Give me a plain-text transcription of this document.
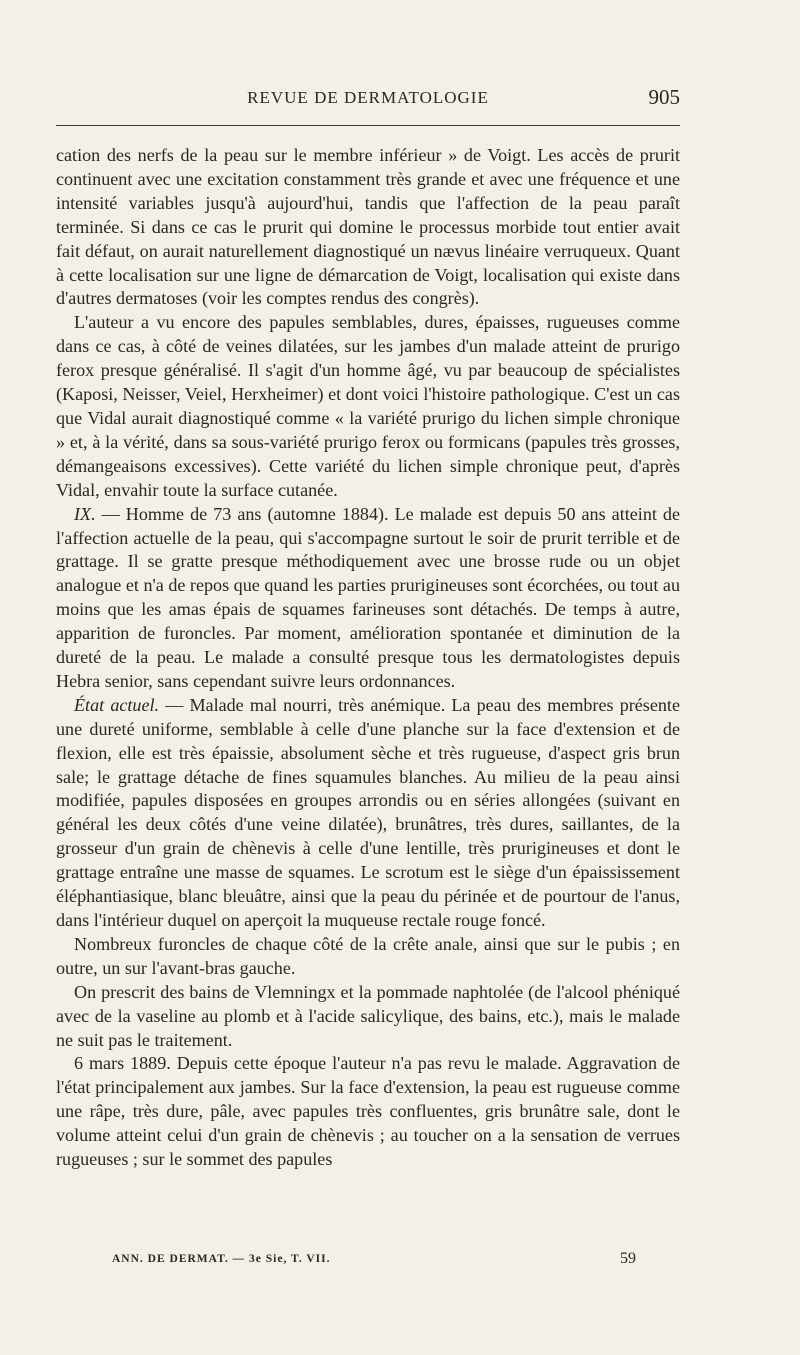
REVUE DE DERMATOLOGIE	905

cation des nerfs de la peau sur le membre inférieur » de Voigt. Les accès de prurit continuent avec une excitation constamment très grande et avec une fréquence et une intensité variables jusqu'à aujourd'hui, tandis que l'affection de la peau paraît terminée. Si dans ce cas le prurit qui domine le processus morbide tout entier avait fait défaut, on aurait naturellement diagnostiqué un nævus linéaire verruqueux. Quant à cette localisation sur une ligne de démarcation de Voigt, localisation qui existe dans d'autres dermatoses (voir les comptes rendus des congrès).

L'auteur a vu encore des papules semblables, dures, épaisses, rugueuses comme dans ce cas, à côté de veines dilatées, sur les jambes d'un malade atteint de prurigo ferox presque généralisé. Il s'agit d'un homme âgé, vu par beaucoup de spécialistes (Kaposi, Neisser, Veiel, Herxheimer) et dont voici l'histoire pathologique. C'est un cas que Vidal aurait diagnostiqué comme « la variété prurigo du lichen simple chronique » et, à la vérité, dans sa sous-variété prurigo ferox ou formicans (papules très grosses, démangeaisons excessives). Cette variété du lichen simple chronique peut, d'après Vidal, envahir toute la surface cutanée.

IX. — Homme de 73 ans (automne 1884). Le malade est depuis 50 ans atteint de l'affection actuelle de la peau, qui s'accompagne surtout le soir de prurit terrible et de grattage. Il se gratte presque méthodiquement avec une brosse rude ou un objet analogue et n'a de repos que quand les parties prurigineuses sont écorchées, ou tout au moins que les amas épais de squames farineuses sont détachés. De temps à autre, apparition de furoncles. Par moment, amélioration spontanée et diminution de la dureté de la peau. Le malade a consulté presque tous les dermatologistes depuis Hebra senior, sans cependant suivre leurs ordonnances.

État actuel. — Malade mal nourri, très anémique. La peau des membres présente une dureté uniforme, semblable à celle d'une planche sur la face d'extension et de flexion, elle est très épaissie, absolument sèche et très rugueuse, d'aspect gris brun sale; le grattage détache de fines squamules blanches. Au milieu de la peau ainsi modifiée, papules disposées en groupes arrondis ou en séries allongées (suivant en général les deux côtés d'une veine dilatée), brunâtres, très dures, saillantes, de la grosseur d'un grain de chènevis à celle d'une lentille, très prurigineuses et dont le grattage entraîne une masse de squames. Le scrotum est le siège d'un épaississement éléphantiasique, blanc bleuâtre, ainsi que la peau du périnée et de pourtour de l'anus, dans l'intérieur duquel on aperçoit la muqueuse rectale rouge foncé.

Nombreux furoncles de chaque côté de la crête anale, ainsi que sur le pubis ; en outre, un sur l'avant-bras gauche.

On prescrit des bains de Vlemningx et la pommade naphtolée (de l'alcool phéniqué avec de la vaseline au plomb et à l'acide salicylique, des bains, etc.), mais le malade ne suit pas le traitement.

6 mars 1889. Depuis cette époque l'auteur n'a pas revu le malade. Aggravation de l'état principalement aux jambes. Sur la face d'extension, la peau est rugueuse comme une râpe, très dure, pâle, avec papules très confluentes, gris brunâtre sale, dont le volume atteint celui d'un grain de chènevis ; au toucher on a la sensation de verrues rugueuses ; sur le sommet des papules

ANN. DE DERMAT. — 3e Sie, T. VII.	59
